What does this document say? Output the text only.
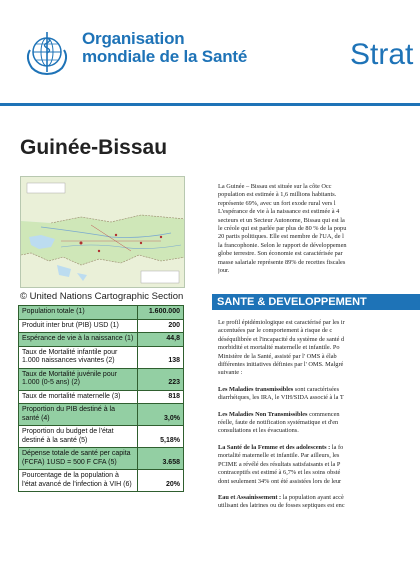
Organisation
mondiale de la Santé	Strat
Guinée-Bissau
© United Nations Cartographic Section
Population totale (1)	1.600.000
Produit inter brut (PIB) USD (1)	200
Espérance de vie à la naissance (1)	44,8
Taux de Mortalité infantile pour 1.000 naissances vivantes (2)	138
Taux de Mortalité juvénile pour 1.000 (0-5 ans) (2)	223
Taux de mortalité maternelle (3)	818
Proportion du PIB destiné à la santé (4)	3,0%
Proportion du budget de l'état destiné à la santé (5)	5,18%
Dépense totale de santé per capita (FCFA) 1USD = 500 F CFA (5)	3.658
Pourcentage de la population à l'état avancé de l'infection à VIH (6)	20%

La Guinée – Bissau est située sur la côte Occ

population est estimée à 1,6 millions habitants.

représente 69%, avec un fort exode rural vers l

L'espérance de vie à la naissance est estimée à 4

secteurs et un Secteur Autonome, Bissau qui est la

le créole qui est parlée par plus de 80 % de la popu

20 partis politiques. Elle est membre de l'UA, de l

la francophonie. Selon le rapport de développemen

globe terrestre. Son économie est caractérisée par

masse salariale représente 89% de recettes fiscales

jour.

SANTE & DEVELOPPEMENT

Le profil épidémiologique est caractérisé par les ir
accentuées par le comportement à risque de c
déséquilibrée et l'incapacité du système de santé d
morbidité et mortalité maternelle et infantile. Po
Ministère de la Santé, assisté par l' OMS à élab
différentes initiatives définies par l' OMS. Malgré
suivante :

Les Maladies transmissibles sont caractérisées
diarrhéiques, les IRA, le VIH/SIDA associé à la T

Les Maladies Non Transmissibles commencen
réelle, faute de notification systématique et d'en
consultations et les évacuations.

La Santé de la Femme et des adolescents : la fo
mortalité maternelle et infantile. Par ailleurs, les
PCIME a révélé des résultats satisfaisants et la P
contraceptifs est estimé à 6,7% et les soins obsté
dont seulement 34% ont été assistées lors de leur

Eau et Assainissement : la population ayant accè
utilisant des latrines ou de fosses septiques est enc
